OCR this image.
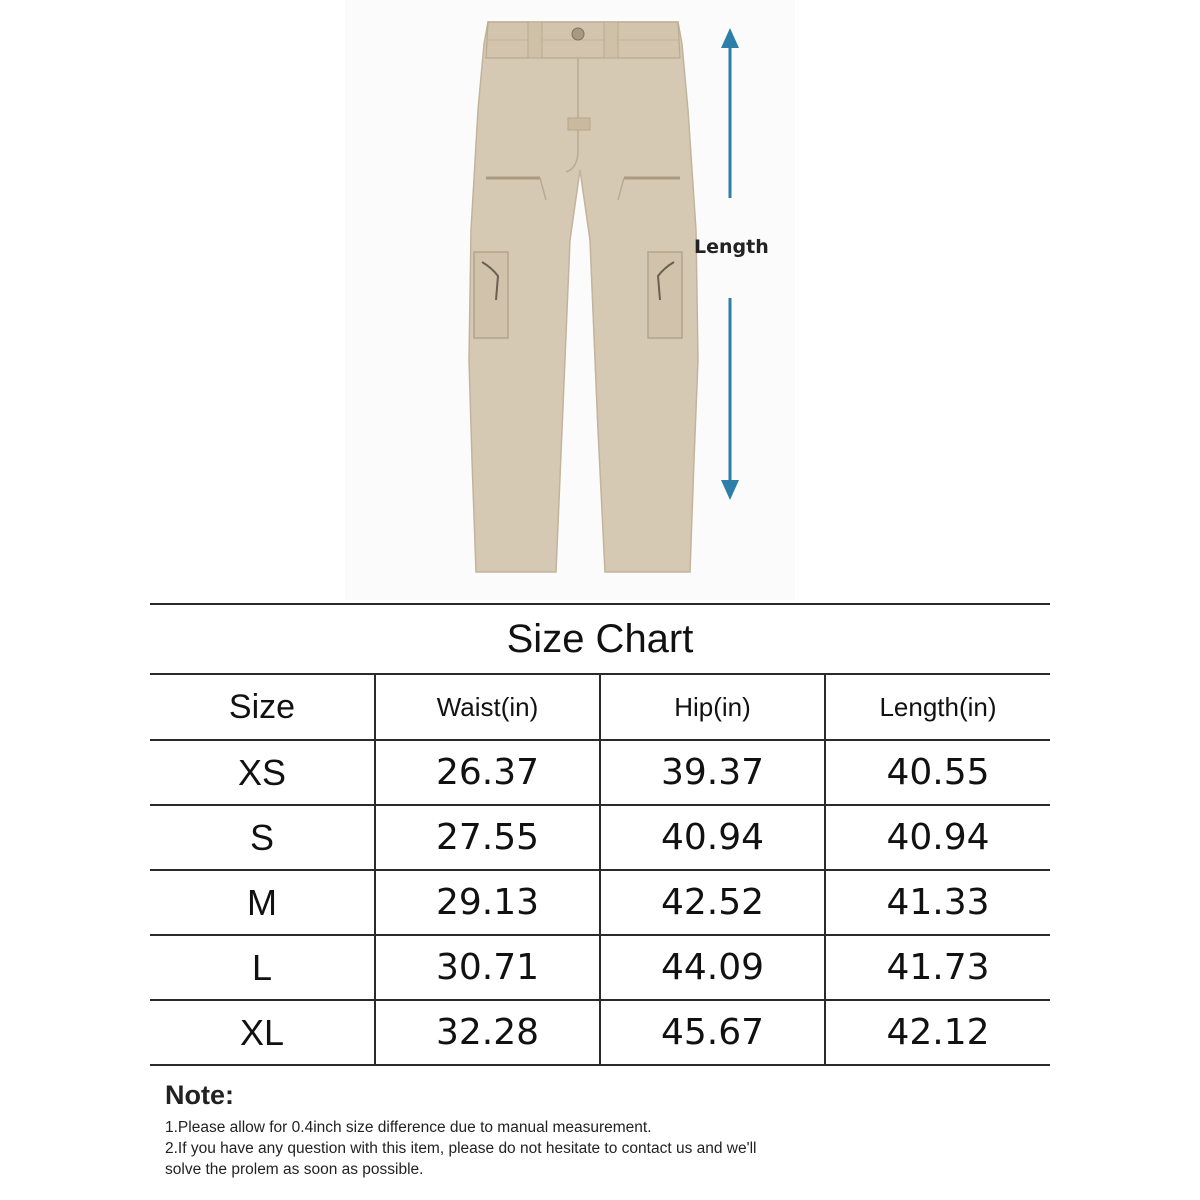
Length
Size Chart
Size	Waist(in)	Hip(in)	Length(in)
XS	26.37	39.37	40.55
S	27.55	40.94	40.94
M	29.13	42.52	41.33
L	30.71	44.09	41.73
XL	32.28	45.67	42.12
Note:
1.Please allow for 0.4inch size difference due to manual measurement.
2.If you have any question with this item, please do not hesitate to contact us and we'll
solve the prolem as soon as possible.
